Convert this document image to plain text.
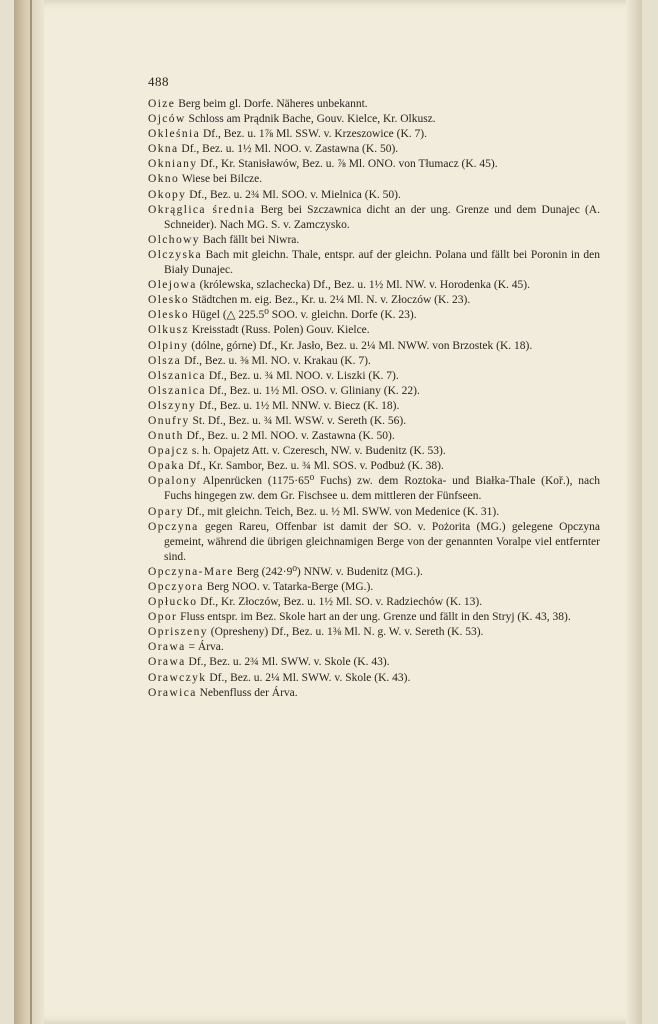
488
Oize Berg beim gl. Dorfe. Näheres unbekannt.
Ojców Schloss am Prądnik Bache, Gouv. Kielce, Kr. Olkusz.
Okleśnia Df., Bez. u. 1⅞ Ml. SSW. v. Krzeszowice (K. 7).
Okna Df., Bez. u. 1½ Ml. NOO. v. Zastawna (K. 50).
Okniany Df., Kr. Stanisławów, Bez. u. ⅞ Ml. ONO. von Tłumacz (K. 45).
Okno Wiese bei Bilcze.
Okopy Df., Bez. u. 2¾ Ml. SOO. v. Mielnica (K. 50).
Okrąglica średnia Berg bei Szczawnica dicht an der ung. Grenze und dem Dunajec (A. Schneider). Nach MG. S. v. Zamczysko.
Olchowy Bach fällt bei Niwra.
Olczyska Bach mit gleichn. Thale, entspr. auf der gleichn. Polana und fällt bei Poronin in den Biały Dunajec.
Olejowa (królewska, szlachecka) Df., Bez. u. 1½ Ml. NW. v. Horodenka (K. 45).
Olesko Städtchen m. eig. Bez., Kr. u. 2¼ Ml. N. v. Złoczów (K. 23).
Olesko Hügel (△ 225.5⁰ SOO. v. gleichn. Dorfe (K. 23).
Olkusz Kreisstadt (Russ. Polen) Gouv. Kielce.
Olpiny (dólne, górne) Df., Kr. Jasło, Bez. u. 2¼ Ml. NWW. von Brzostek (K. 18).
Olsza Df., Bez. u. ⅜ Ml. NO. v. Krakau (K. 7).
Olszanica Df., Bez. u. ¾ Ml. NOO. v. Liszki (K. 7).
Olszanica Df., Bez. u. 1½ Ml. OSO. v. Gliniany (K. 22).
Olszyny Df., Bez. u. 1½ Ml. NNW. v. Biecz (K. 18).
Onufry St. Df., Bez. u. ¾ Ml. WSW. v. Sereth (K. 56).
Onuth Df., Bez. u. 2 Ml. NOO. v. Zastawna (K. 50).
Opajcz s. h. Opajetz Att. v. Czeresch, NW. v. Budenitz (K. 53).
Opaka Df., Kr. Sambor, Bez. u. ¾ Ml. SOS. v. Podbuż (K. 38).
Opalony Alpenrücken (1175·65⁰ Fuchs) zw. dem Roztoka- und Białka-Thale (Koř.), nach Fuchs hingegen zw. dem Gr. Fischsee u. dem mittleren der Fünfseen.
Opary Df., mit gleichn. Teich, Bez. u. ½ Ml. SWW. von Medenice (K. 31).
Opczyna gegen Rareu, Offenbar ist damit der SO. v. Pożorita (MG.) gelegene Opczyna gemeint, während die übrigen gleichnamigen Berge von der genannten Voralpe viel entfernter sind.
Opczyna-Mare Berg (242·9⁰) NNW. v. Budenitz (MG.).
Opczyora Berg NOO. v. Tatarka-Berge (MG.).
Opłucko Df., Kr. Złoczów, Bez. u. 1½ Ml. SO. v. Radziechów (K. 13).
Opor Fluss entspr. im Bez. Skole hart an der ung. Grenze und fällt in den Stryj (K. 43, 38).
Opriszeny (Opresheny) Df., Bez. u. 1⅜ Ml. N. g. W. v. Sereth (K. 53).
Orawa = Árva.
Orawa Df., Bez. u. 2¾ Ml. SWW. v. Skole (K. 43).
Orawczyk Df., Bez. u. 2¼ Ml. SWW. v. Skole (K. 43).
Orawica Nebenfluss der Árva.
